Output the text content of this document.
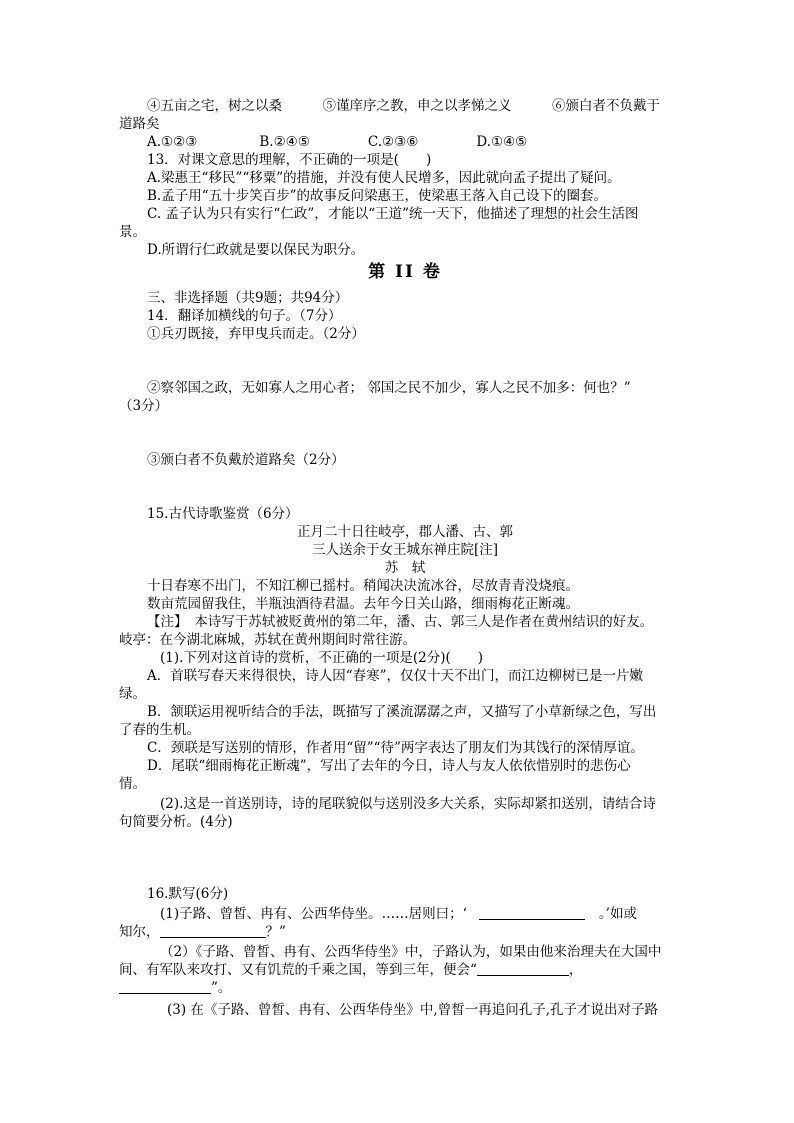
④五亩之宅，树之以桑　　　⑤谨庠序之教，申之以孝悌之义　　　⑥颁白者不负戴于
道路矣
A.①②③	B.②④⑤	C.②③⑥	D.①④⑤
13．对课文意思的理解，不正确的一项是(　　)
A.梁惠王“移民”“移粟”的措施，并没有使人民增多，因此就向孟子提出了疑问。
B.孟子用“五十步笑百步”的故事反问梁惠王，使梁惠王落入自己设下的圈套。
C. 孟子认为只有实行“仁政”，才能以“王道”统一天下，他描述了理想的社会生活图
景。
D.所谓行仁政就是要以保民为职分。
第 II 卷
三、非选择题（共9题；共94分）
14．翻译加横线的句子。（7分）
①兵刃既接，弃甲曳兵而走。（2分）
②察邻国之政，无如寡人之用心者； 邻国之民不加少，寡人之民不加多：何也？”
（3分）
③颁白者不负戴於道路矣（2分）
15.古代诗歌鉴赏（6分）
正月二十日往岐亭，郡人潘、古、郭
三人送余于女王城东禅庄院[注]
苏　轼
十日春寒不出门，不知江柳已摇村。稍闻决决流冰谷，尽放青青没烧痕。
数亩荒园留我住，半瓶浊酒待君温。去年今日关山路，细雨梅花正断魂。
【注】　本诗写于苏轼被贬黄州的第二年，潘、古、郭三人是作者在黄州结识的好友。
岐亭：在今湖北麻城，苏轼在黄州期间时常往游。
(1).下列对这首诗的赏析，不正确的一项是(2分)(　　)
A．首联写春天来得很快，诗人因“春寒”，仅仅十天不出门，而江边柳树已是一片嫩
绿。
B．颔联运用视听结合的手法，既描写了溪流潺潺之声，又描写了小草新绿之色，写出
了春的生机。
C．颈联是写送别的情形，作者用“留”“待”两字表达了朋友们为其饯行的深情厚谊。
D．尾联“细雨梅花正断魂”，写出了去年的今日，诗人与友人依依惜别时的悲伤心
情。
(2).这是一首送别诗，诗的尾联貌似与送别没多大关系，实际却紧扣送别，请结合诗
句简要分析。(4分)
16.默写(6分)
(1)子路、曾皙、冉有、公西华侍坐。……居则曰；‘	。’如或
知尔，	？”
（2）《子路、曾皙、冉有、公西华侍坐》中，子路认为，如果由他来治理夫在大国中
间、有军队来攻打、又有饥荒的千乘之国，等到三年，便会“	，
”。
(3) 在《子路、曾皙、冉有、公西华侍坐》中,曾皙一再追问孔子,孔子才说出对子路
